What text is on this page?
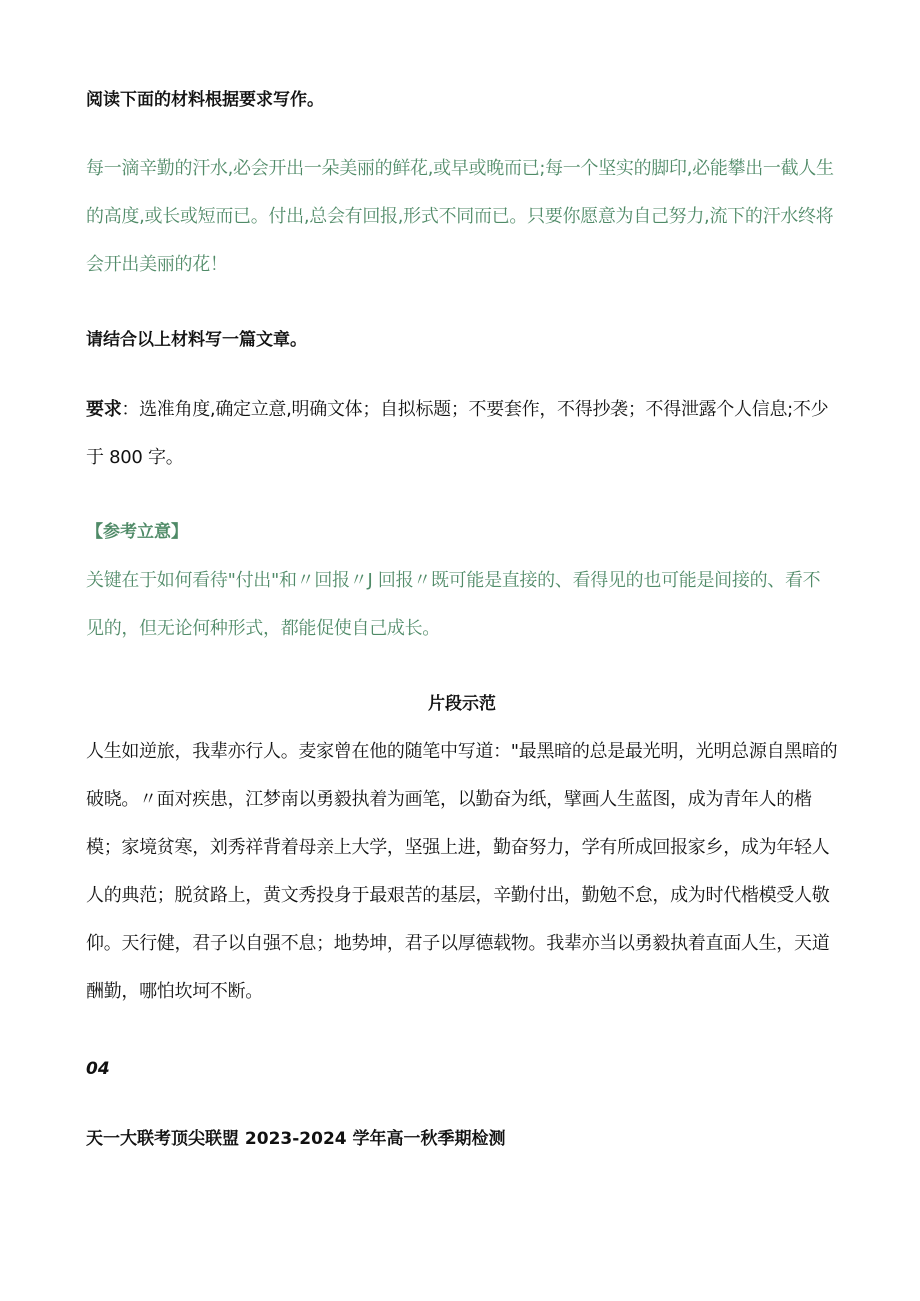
阅读下面的材料根据要求写作。

每一滴辛勤的汗水,必会开出一朵美丽的鲜花,或早或晚而已;每一个坚实的脚印,必能攀出一截人生的高度,或长或短而已。付出,总会有回报,形式不同而已。只要你愿意为自己努力,流下的汗水终将会开出美丽的花！

请结合以上材料写一篇文章。

要求：选准角度,确定立意,明确文体；自拟标题；不要套作，不得抄袭；不得泄露个人信息;不少于 800 字。

【参考立意】

关键在于如何看待"付出"和〃回报〃J 回报〃既可能是直接的、看得见的也可能是间接的、看不见的，但无论何种形式，都能促使自己成长。

片段示范

人生如逆旅，我辈亦行人。麦家曾在他的随笔中写道："最黑暗的总是最光明，光明总源自黑暗的破晓。〃面对疾患，江梦南以勇毅执着为画笔，以勤奋为纸，擘画人生蓝图，成为青年人的楷模；家境贫寒，刘秀祥背着母亲上大学，坚强上进，勤奋努力，学有所成回报家乡，成为年轻人人的典范；脱贫路上，黄文秀投身于最艰苦的基层，辛勤付出，勤勉不怠，成为时代楷模受人敬仰。天行健，君子以自强不息；地势坤，君子以厚德载物。我辈亦当以勇毅执着直面人生，天道酬勤，哪怕坎坷不断。

04

天一大联考顶尖联盟 2023-2024 学年高一秋季期检测
